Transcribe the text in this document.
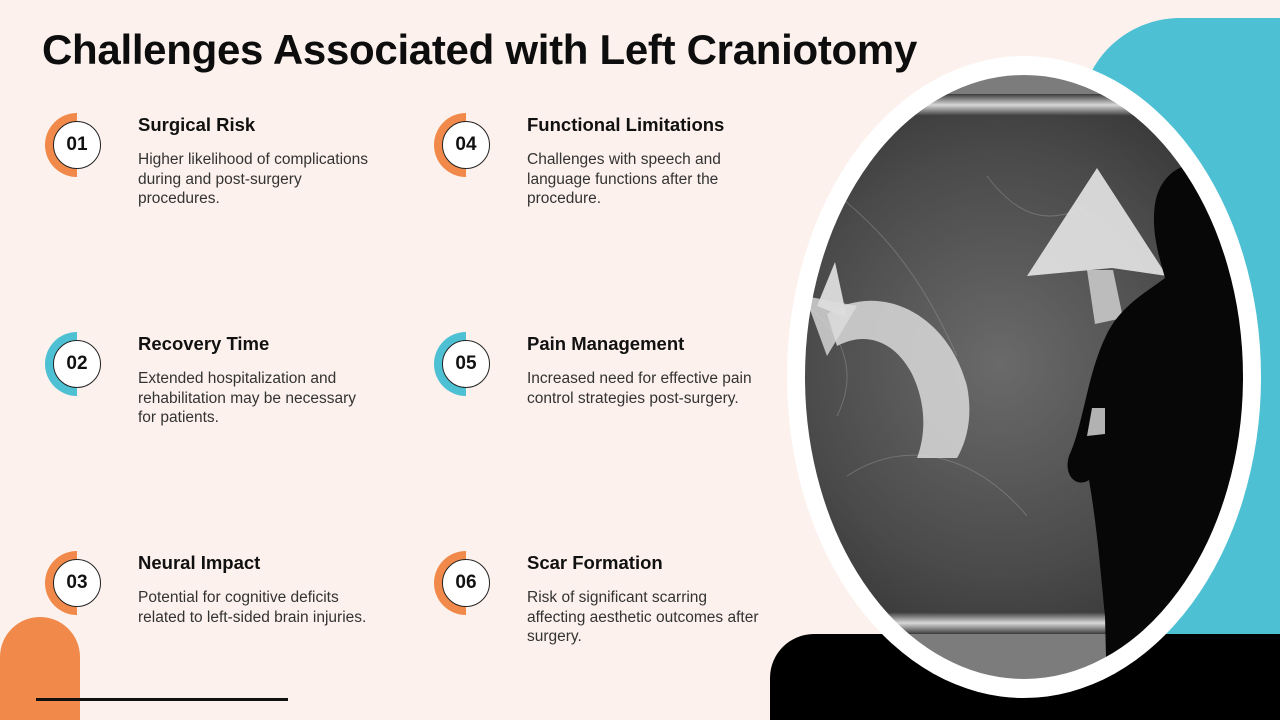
Challenges Associated with Left Craniotomy
01
Surgical Risk
Higher likelihood of complications during and post-surgery procedures.
02
Recovery Time
Extended hospitalization and rehabilitation may be necessary for patients.
03
Neural Impact
Potential for cognitive deficits related to left-sided brain injuries.
04
Functional Limitations
Challenges with speech and language functions after the procedure.
05
Pain Management
Increased need for effective pain control strategies post-surgery.
06
Scar Formation
Risk of significant scarring affecting aesthetic outcomes after surgery.
